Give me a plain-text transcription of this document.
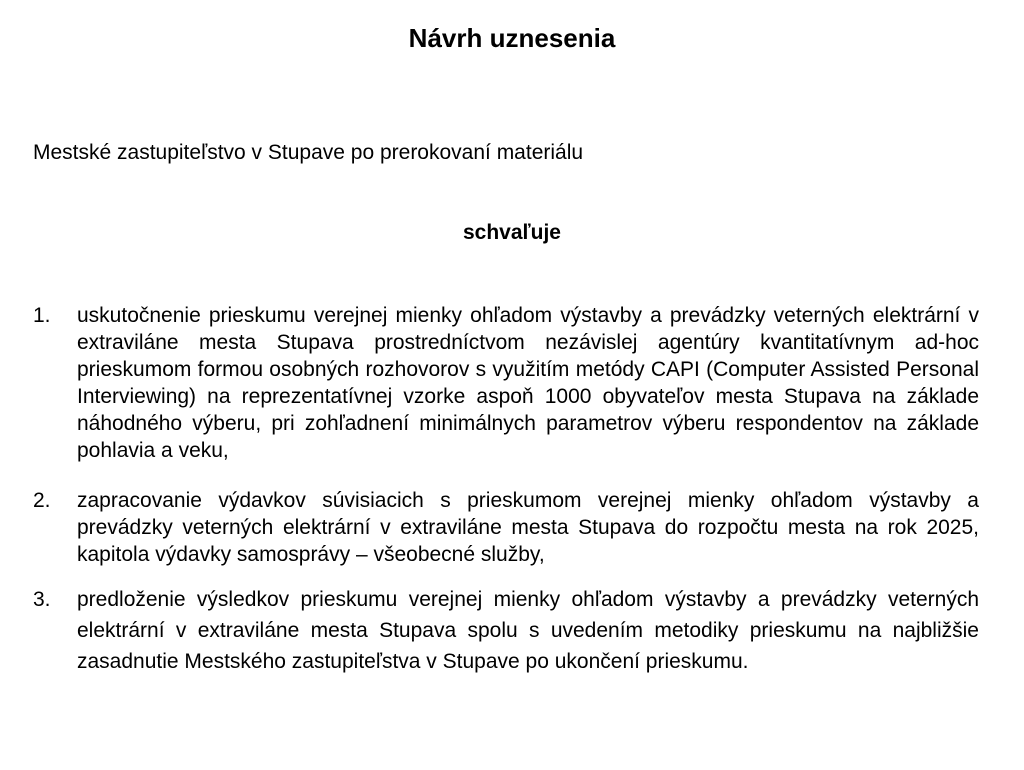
Návrh uznesenia

Mestské zastupiteľstvo v Stupave po prerokovaní materiálu

schvaľuje

1. uskutočnenie prieskumu verejnej mienky ohľadom výstavby a prevádzky veterných elektrární v extraviláne mesta Stupava prostredníctvom nezávislej agentúry kvantitatívnym ad-hoc prieskumom formou osobných rozhovorov s využitím metódy CAPI (Computer Assisted Personal Interviewing) na reprezentatívnej vzorke aspoň 1000 obyvateľov mesta Stupava na základe náhodného výberu, pri zohľadnení minimálnych parametrov výberu respondentov na základe pohlavia a veku,
2. zapracovanie výdavkov súvisiacich s prieskumom verejnej mienky ohľadom výstavby a prevádzky veterných elektrární v extraviláne mesta Stupava do rozpočtu mesta na rok 2025, kapitola výdavky samosprávy – všeobecné služby,
3. predloženie výsledkov prieskumu verejnej mienky ohľadom výstavby a prevádzky veterných elektrární v extraviláne mesta Stupava spolu s uvedením metodiky prieskumu na najbližšie zasadnutie Mestského zastupiteľstva v Stupave po ukončení prieskumu.
